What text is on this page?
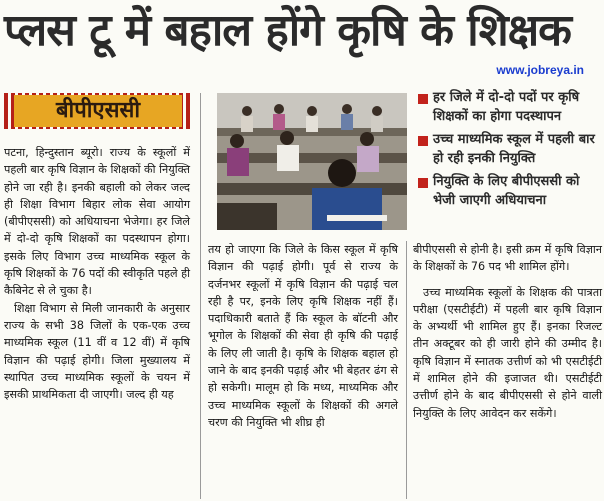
प्लस टू में बहाल होंगे कृषि के शिक्षक
www.jobreya.in
बीपीएससी

पटना, हिन्दुस्तान ब्यूरो। राज्य के स्कूलों में पहली बार कृषि विज्ञान के शिक्षकों की नियुक्ति होने जा रही है। इनकी बहाली को लेकर जल्द ही शिक्षा विभाग बिहार लोक सेवा आयोग (बीपीएससी) को अधियाचना भेजेगा। हर जिले में दो-दो कृषि शिक्षकों का पदस्थापन होगा। इसके लिए विभाग उच्च माध्यमिक स्कूल के कृषि शिक्षकों के 76 पदों की स्वीकृति पहले ही कैबिनेट से ले चुका है।

शिक्षा विभाग से मिली जानकारी के अनुसार राज्य के सभी 38 जिलों के एक-एक उच्च माध्यमिक स्कूल (11 वीं व 12 वीं) में कृषि विज्ञान की पढ़ाई होगी। जिला मुख्यालय में स्थापित उच्च माध्यमिक स्कूलों के चयन में इसकी प्राथमिकता दी जाएगी। जल्द ही यह

हर जिले में दो-दो पदों पर कृषि शिक्षकों का होगा पदस्थापन
उच्च माध्यमिक स्कूल में पहली बार हो रही इनकी नियुक्ति
नियुक्ति के लिए बीपीएससी को भेजी जाएगी अधियाचना

तय हो जाएगा कि जिले के किस स्कूल में कृषि विज्ञान की पढ़ाई होगी। पूर्व से राज्य के दर्जनभर स्कूलों में कृषि विज्ञान की पढ़ाई चल रही है पर, इनके लिए कृषि शिक्षक नहीं हैं। पदाधिकारी बताते हैं कि स्कूल के बॉटनी और भूगोल के शिक्षकों की सेवा ही कृषि की पढ़ाई के लिए ली जाती है। कृषि के शिक्षक बहाल हो जाने के बाद इनकी पढ़ाई और भी बेहतर ढंग से हो सकेगी। मालूम हो कि मध्य, माध्यमिक और उच्च माध्यमिक स्कूलों के शिक्षकों की अगले चरण की नियुक्ति भी शीघ्र ही

बीपीएससी से होनी है। इसी क्रम में कृषि विज्ञान के शिक्षकों के 76 पद भी शामिल होंगे।

उच्च माध्यमिक स्कूलों के शिक्षक की पात्रता परीक्षा (एसटीईटी) में पहली बार कृषि विज्ञान के अभ्यर्थी भी शामिल हुए हैं। इनका रिजल्ट तीन अक्टूबर को ही जारी होने की उम्मीद है। कृषि विज्ञान में स्नातक उत्तीर्ण को भी एसटीईटी में शामिल होने की इजाजत थी। एसटीईटी उत्तीर्ण होने के बाद बीपीएससी से होने वाली नियुक्ति के लिए आवेदन कर सकेंगे।
